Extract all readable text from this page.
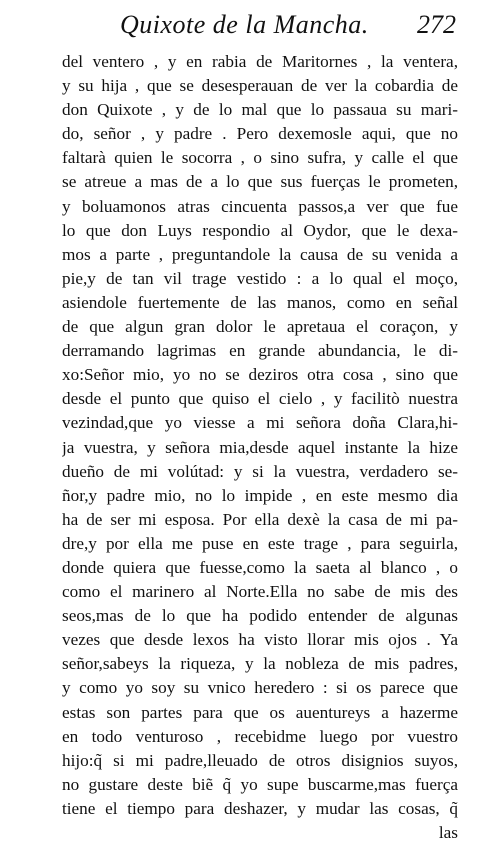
Quixote de la Mancha. 272
del ventero , y en rabia de Maritornes , la ventera,
y su hija , que se desesperauan de ver la cobardia de
don Quixote , y de lo mal que lo passaua su mari-
do, señor , y padre . Pero dexemosle aqui, que no
faltarà quien le socorra , o sino sufra, y calle el que
se atreue a mas de a lo que sus fuerças le prometen,
y boluamonos atras cincuenta passos,a ver que fue
lo que don Luys respondio al Oydor, que le dexa-
mos a parte , preguntandole la causa de su venida a
pie,y de tan vil trage vestido : a lo qual el moço,
asiendole fuertemente de las manos, como en señal
de que algun gran dolor le apretaua el coraçon, y
derramando lagrimas en grande abundancia, le di-
xo:Señor mio, yo no se deziros otra cosa , sino que
desde el punto que quiso el cielo , y facilitò nuestra
vezindad,que yo viesse a mi señora doña Clara,hi-
ja vuestra, y señora mia,desde aquel instante la hize
dueño de mi volútad: y si la vuestra, verdadero se-
ñor,y padre mio, no lo impide , en este mesmo dia
ha de ser mi esposa. Por ella dexè la casa de mi pa-
dre,y por ella me puse en este trage , para seguirla,
donde quiera que fuesse,como la saeta al blanco , o
como el marinero al Norte.Ella no sabe de mis des
seos,mas de lo que ha podido entender de algunas
vezes que desde lexos ha visto llorar mis ojos . Ya
señor,sabeys la riqueza, y la nobleza de mis padres,
y como yo soy su vnico heredero : si os parece que
estas son partes para que os auentureys a hazerme
en todo venturoso , recebidme luego por vuestro
hijo:q̃ si mi padre,lleuado de otros disignios suyos,
no gustare deste biẽ q̃ yo supe buscarme,mas fuerça
tiene el tiempo para deshazer, y mudar las cosas, q̃
las
